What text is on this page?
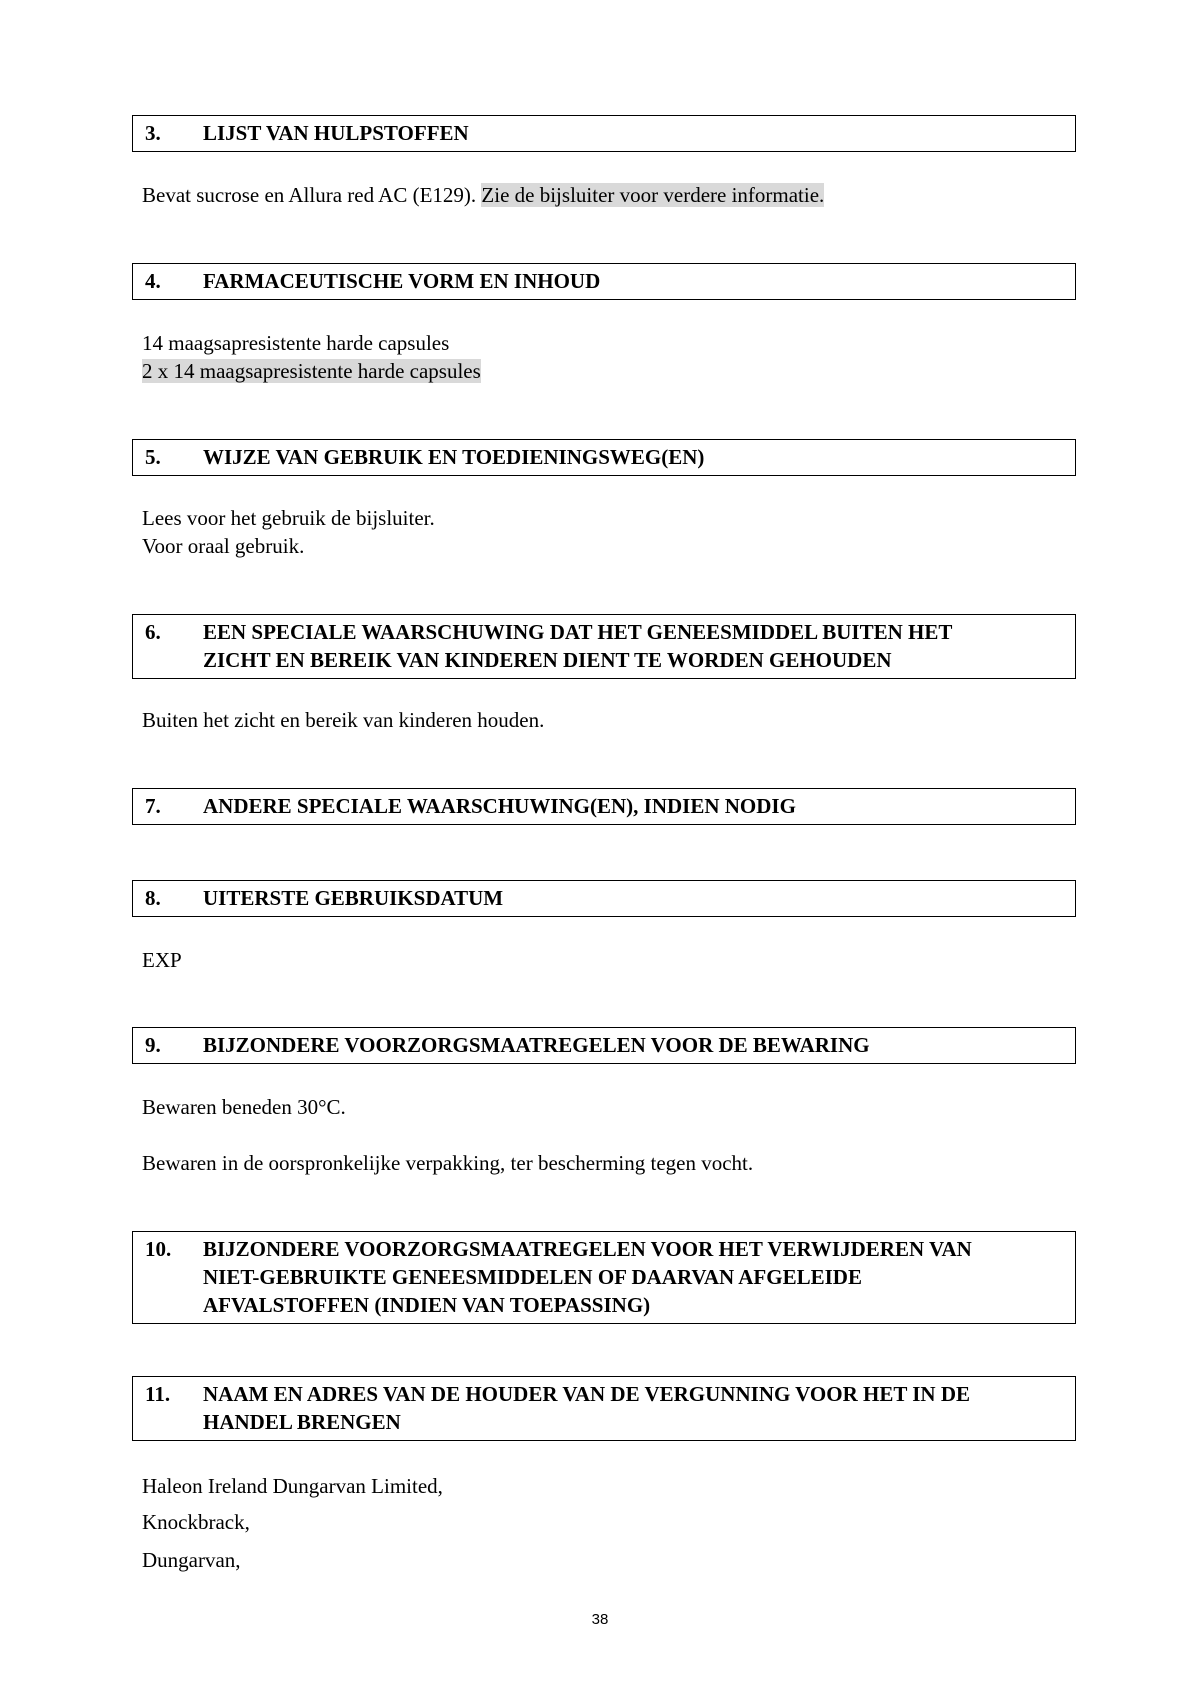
3.	LIJST VAN HULPSTOFFEN
Bevat sucrose en Allura red AC (E129). Zie de bijsluiter voor verdere informatie.
4.	FARMACEUTISCHE VORM EN INHOUD
14 maagsapresistente harde capsules
2 x 14 maagsapresistente harde capsules
5.	WIJZE VAN GEBRUIK EN TOEDIENINGSWEG(EN)
Lees voor het gebruik de bijsluiter.
Voor oraal gebruik.
6.	EEN SPECIALE WAARSCHUWING DAT HET GENEESMIDDEL BUITEN HET
ZICHT EN BEREIK VAN KINDEREN DIENT TE WORDEN GEHOUDEN
Buiten het zicht en bereik van kinderen houden.
7.	ANDERE SPECIALE WAARSCHUWING(EN), INDIEN NODIG
8.	UITERSTE GEBRUIKSDATUM
EXP
9.	BIJZONDERE VOORZORGSMAATREGELEN VOOR DE BEWARING
Bewaren beneden 30°C.
Bewaren in de oorspronkelijke verpakking, ter bescherming tegen vocht.
10.	BIJZONDERE VOORZORGSMAATREGELEN VOOR HET VERWIJDEREN VAN
NIET-GEBRUIKTE GENEESMIDDELEN OF DAARVAN AFGELEIDE
AFVALSTOFFEN (INDIEN VAN TOEPASSING)
11.	NAAM EN ADRES VAN DE HOUDER VAN DE VERGUNNING VOOR HET IN DE
HANDEL BRENGEN
Haleon Ireland Dungarvan Limited,
Knockbrack,
Dungarvan,
38
